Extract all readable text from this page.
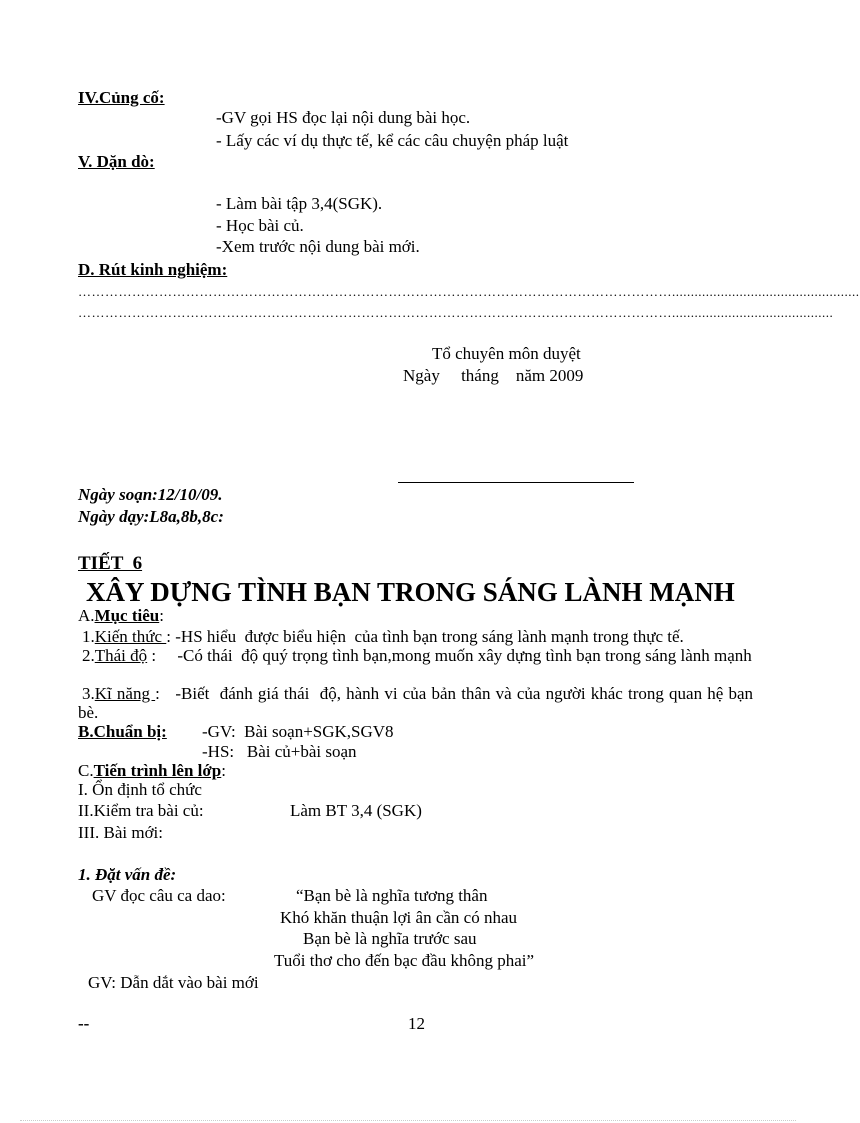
IV.Củng cố:
-GV gọi HS đọc lại nội dung bài học.
- Lấy các ví dụ thực tế, kể các câu chuyện pháp luật
V. Dặn dò:
- Làm bài tập 3,4(SGK).
- Học bài củ.
-Xem trước nội dung bài mới.
D. Rút kinh nghiệm:
……………………………………………………………………………………………………………………..................................................
……………………………………………………………………………………………………………………...........................................
Tổ chuyên môn duyệt
Ngày     tháng    năm 2009
Ngày soạn:12/10/09.
Ngày dạy:L8a,8b,8c:
TIẾT  6
XÂY DỰNG TÌNH BẠN TRONG SÁNG LÀNH MẠNH
A.Mục tiêu:
1.Kiến thức : -HS hiểu  được biểu hiện  của tình bạn trong sáng lành mạnh trong thực tế.
2.Thái độ :     -Có thái  độ quý trọng tình bạn,mong muốn xây dựng tình bạn trong sáng lành mạnh
3.Kĩ năng :   -Biết  đánh giá thái  độ, hành vi của bản thân và của người khác trong quan hệ bạn bè.
B.Chuẩn bị: -GV:  Bài soạn+SGK,SGV8
-HS:   Bài củ+bài soạn
C.Tiến trình lên lớp:
I. Ổn định tổ chức
II.Kiểm tra bài củ:	Làm BT 3,4 (SGK)
III. Bài mới:
1. Đặt vấn đề:
GV đọc câu ca dao:	“Bạn bè là nghĩa tương thân
Khó khăn thuận lợi ân cần có nhau
Bạn bè là nghĩa trước sau
Tuổi thơ cho đến bạc đầu không phai”
GV: Dẫn dắt vào bài mới
--	12
